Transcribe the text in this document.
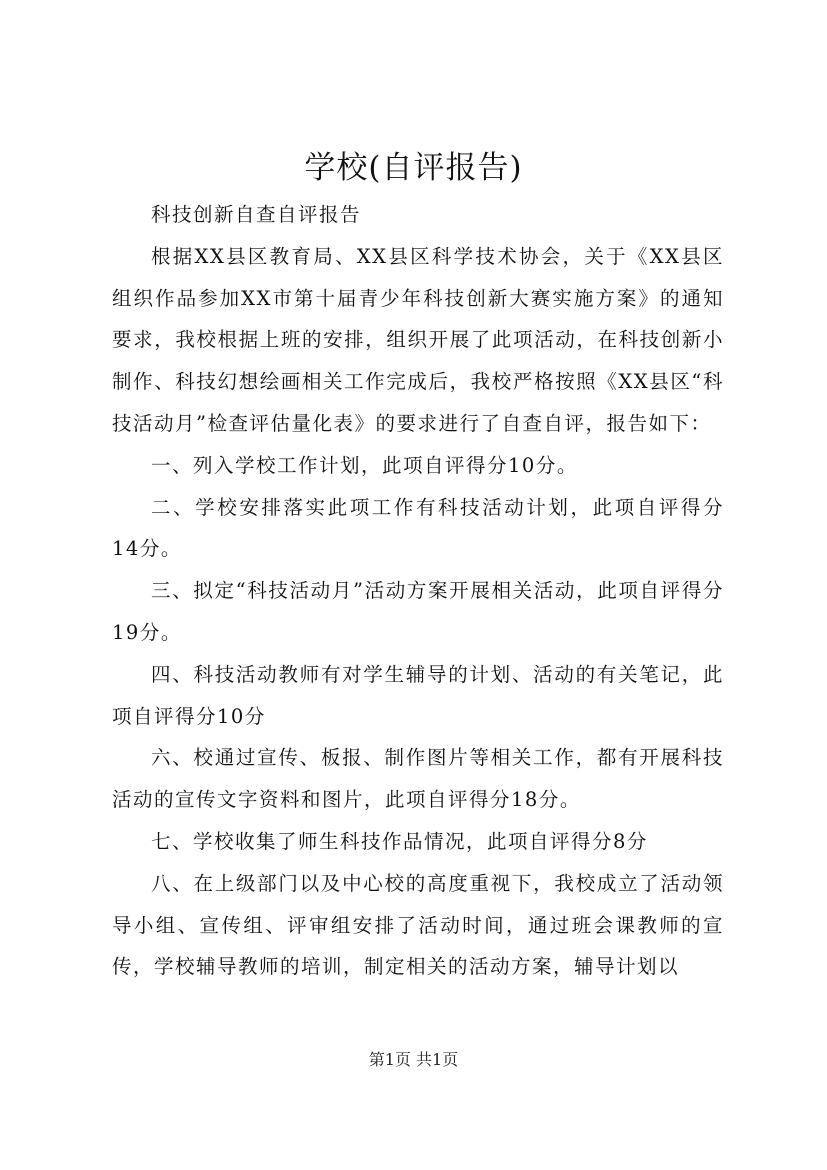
学校(自评报告)

科技创新自查自评报告

根据XX县区教育局、XX县区科学技术协会，关于《XX县区组织作品参加XX市第十届青少年科技创新大赛实施方案》的通知要求，我校根据上班的安排，组织开展了此项活动，在科技创新小制作、科技幻想绘画相关工作完成后，我校严格按照《XX县区“科技活动月”检查评估量化表》的要求进行了自查自评，报告如下：

一、列入学校工作计划，此项自评得分10分。

二、学校安排落实此项工作有科技活动计划，此项自评得分14分。

三、拟定“科技活动月”活动方案开展相关活动，此项自评得分19分。

四、科技活动教师有对学生辅导的计划、活动的有关笔记，此项自评得分10分

六、校通过宣传、板报、制作图片等相关工作，都有开展科技活动的宣传文字资料和图片，此项自评得分18分。

七、学校收集了师生科技作品情况，此项自评得分8分

八、在上级部门以及中心校的高度重视下，我校成立了活动领导小组、宣传组、评审组安排了活动时间，通过班会课教师的宣传，学校辅导教师的培训，制定相关的活动方案，辅导计划以

第1页 共1页
